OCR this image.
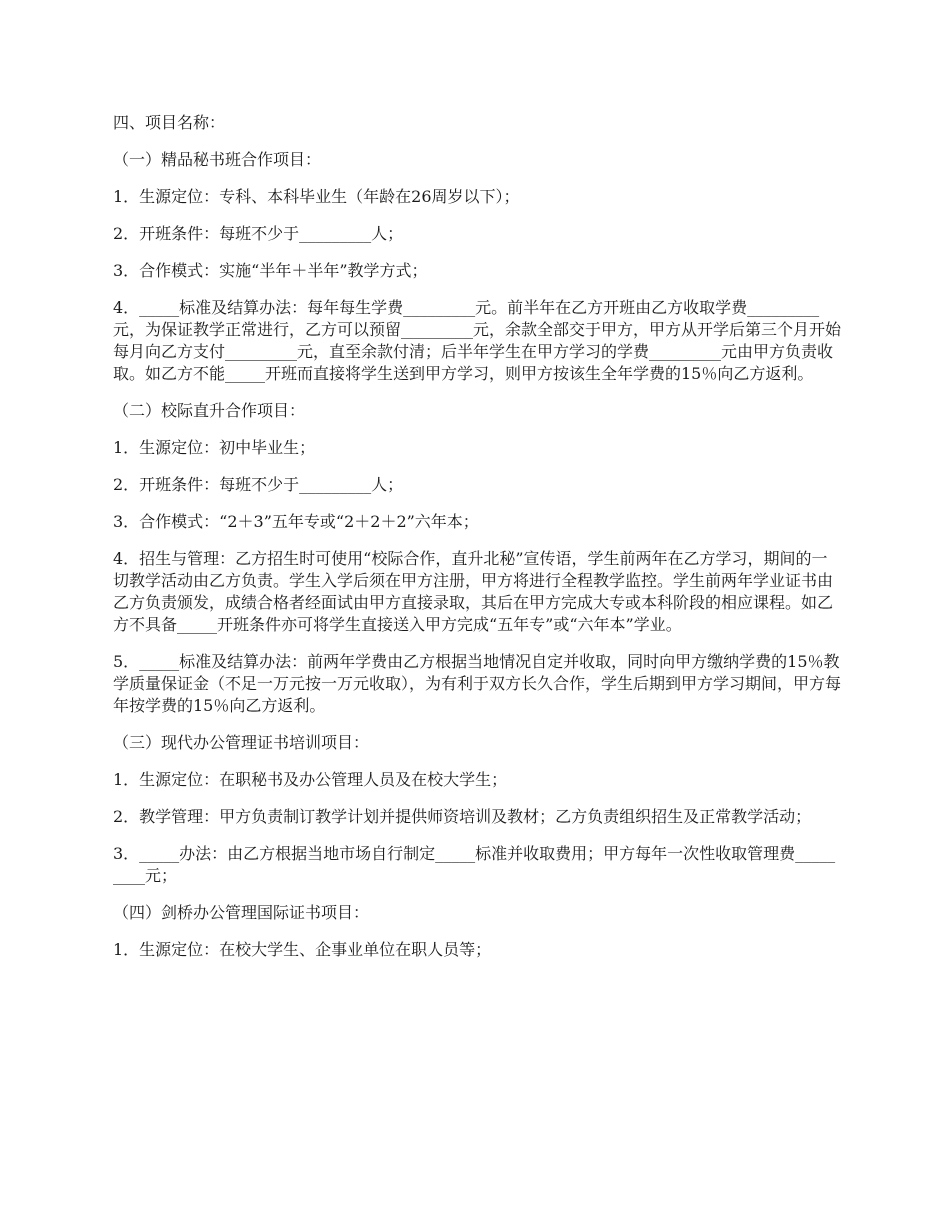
四、项目名称：

（一）精品秘书班合作项目：

1．生源定位：专科、本科毕业生（年龄在26周岁以下）；

2．开班条件：每班不少于_________人；

3．合作模式：实施“半年＋半年”教学方式；

4．_____标准及结算办法：每年每生学费_________元。前半年在乙方开班由乙方收取学费_________元，为保证教学正常进行，乙方可以预留_________元，余款全部交于甲方，甲方从开学后第三个月开始每月向乙方支付_________元，直至余款付清；后半年学生在甲方学习的学费_________元由甲方负责收取。如乙方不能_____开班而直接将学生送到甲方学习，则甲方按该生全年学费的15％向乙方返利。

（二）校际直升合作项目：

1．生源定位：初中毕业生；

2．开班条件：每班不少于_________人；

3．合作模式：“2＋3”五年专或“2＋2＋2”六年本；

4．招生与管理：乙方招生时可使用“校际合作，直升北秘”宣传语，学生前两年在乙方学习，期间的一切教学活动由乙方负责。学生入学后须在甲方注册，甲方将进行全程教学监控。学生前两年学业证书由乙方负责颁发，成绩合格者经面试由甲方直接录取，其后在甲方完成大专或本科阶段的相应课程。如乙方不具备_____开班条件亦可将学生直接送入甲方完成“五年专”或“六年本”学业。

5．_____标准及结算办法：前两年学费由乙方根据当地情况自定并收取，同时向甲方缴纳学费的15％教学质量保证金（不足一万元按一万元收取），为有利于双方长久合作，学生后期到甲方学习期间，甲方每年按学费的15％向乙方返利。

（三）现代办公管理证书培训项目：

1．生源定位：在职秘书及办公管理人员及在校大学生；

2．教学管理：甲方负责制订教学计划并提供师资培训及教材；乙方负责组织招生及正常教学活动；

3．_____办法：由乙方根据当地市场自行制定_____标准并收取费用；甲方每年一次性收取管理费_________元；

（四）剑桥办公管理国际证书项目：

1．生源定位：在校大学生、企事业单位在职人员等；
